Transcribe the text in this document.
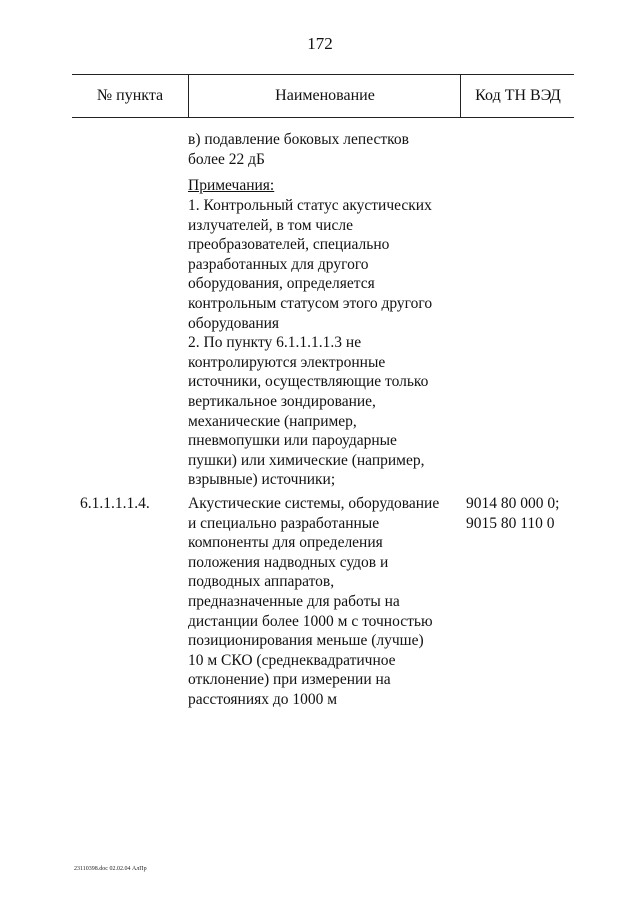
172
№ пункта	Наименование	Код ТН ВЭД
в) подавление боковых лепестков
более 22 дБ
Примечания:
1. Контрольный статус акустических
излучателей, в том числе
преобразователей, специально
разработанных для другого
оборудования, определяется
контрольным статусом этого другого
оборудования
2. По пункту 6.1.1.1.1.3 не
контролируются электронные
источники, осуществляющие только
вертикальное зондирование,
механические (например,
пневмопушки или пароударные
пушки) или химические (например,
взрывные) источники;
6.1.1.1.1.4. Акустические системы, оборудование
и специально разработанные
компоненты для определения
положения надводных судов и
подводных аппаратов,
предназначенные для работы на
дистанции более 1000 м с точностью
позиционирования меньше (лучше)
10 м СКО (среднеквадратичное
отклонение) при измерении на
расстояниях до 1000 м
9014 80 000 0;
9015 80 110 0
23110398.doc 02.02.04 АлПр
